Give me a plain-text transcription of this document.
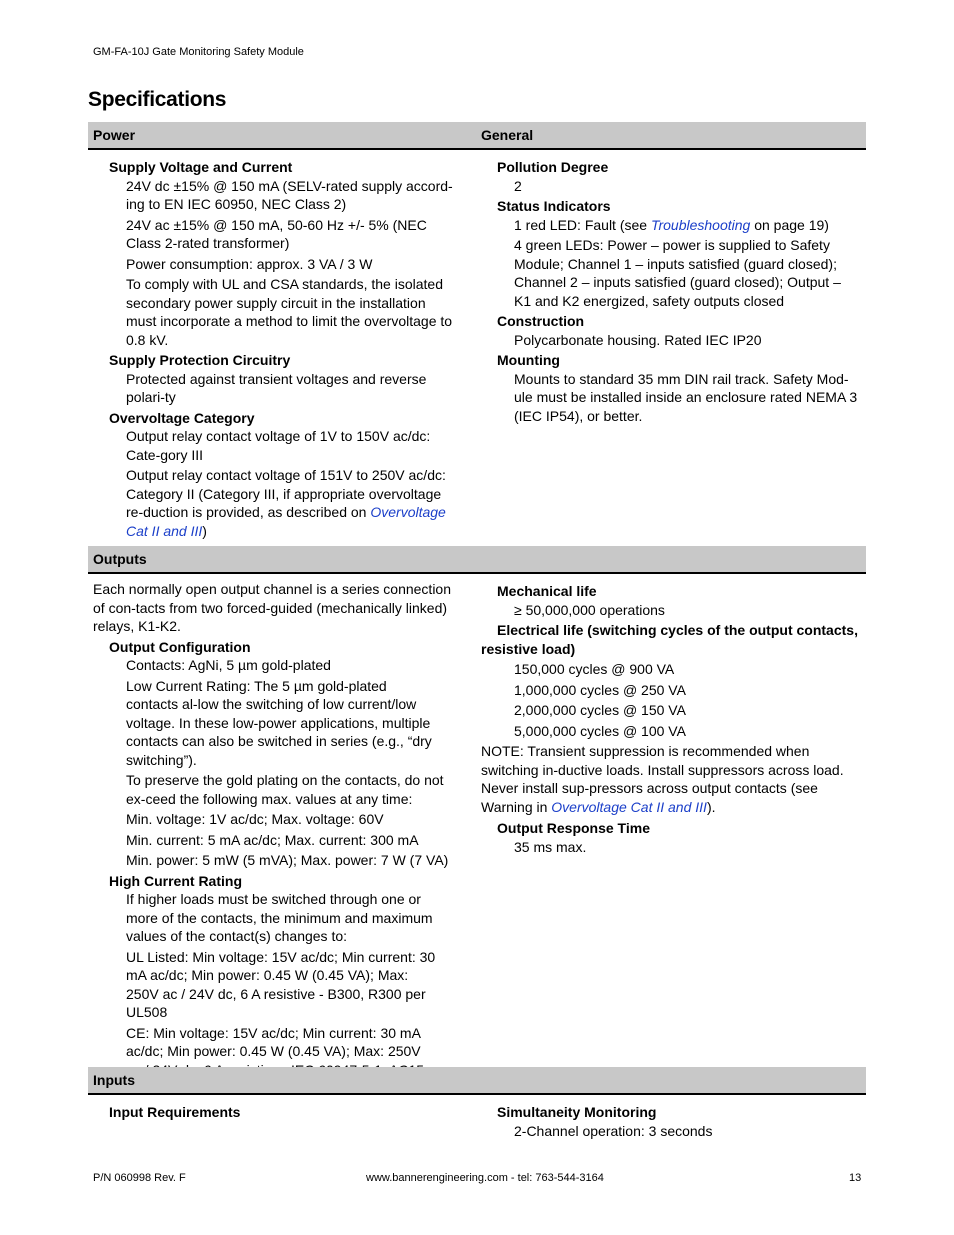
GM-FA-10J Gate Monitoring Safety Module
Specifications
Power	General
Supply Voltage and Current
24V dc ±15% @ 150 mA (SELV-rated supply accord-ing to EN IEC 60950, NEC Class 2)
24V ac ±15% @ 150 mA, 50-60 Hz +/- 5% (NEC Class 2-rated transformer)
Power consumption: approx. 3 VA / 3 W
To comply with UL and CSA standards, the isolated secondary power supply circuit in the installation must incorporate a method to limit the overvoltage to 0.8 kV.
Supply Protection Circuitry
Protected against transient voltages and reverse polari-ty
Overvoltage Category
Output relay contact voltage of 1V to 150V ac/dc: Cate-gory III
Output relay contact voltage of 151V to 250V ac/dc: Category II (Category III, if appropriate overvoltage re-duction is provided, as described on Overvoltage Cat II and III)
Pollution Degree
2
Status Indicators
1 red LED: Fault (see Troubleshooting on page 19)
4 green LEDs: Power – power is supplied to Safety Module; Channel 1 – inputs satisfied (guard closed); Channel 2 – inputs satisfied (guard closed); Output – K1 and K2 energized, safety outputs closed
Construction
Polycarbonate housing. Rated IEC IP20
Mounting
Mounts to standard 35 mm DIN rail track. Safety Mod-ule must be installed inside an enclosure rated NEMA 3 (IEC IP54), or better.
Outputs
Each normally open output channel is a series connection of con-tacts from two forced-guided (mechanically linked) relays, K1-K2.
Output Configuration
Contacts: AgNi, 5 µm gold-plated
Low Current Rating: The 5 µm gold-plated contacts al-low the switching of low current/low voltage. In these low-power applications, multiple contacts can also be switched in series (e.g., “dry switching”).
To preserve the gold plating on the contacts, do not ex-ceed the following max. values at any time:
Min. voltage: 1V ac/dc; Max. voltage: 60V
Min. current: 5 mA ac/dc; Max. current: 300 mA
Min. power: 5 mW (5 mVA); Max. power: 7 W (7 VA)
High Current Rating
If higher loads must be switched through one or more of the contacts, the minimum and maximum values of the contact(s) changes to:
UL Listed: Min voltage: 15V ac/dc; Min current: 30 mA ac/dc; Min power: 0.45 W (0.45 VA); Max: 250V ac / 24V dc, 6 A resistive - B300, R300 per UL508
CE: Min voltage: 15V ac/dc; Min current: 30 mA ac/dc; Min power: 0.45 W (0.45 VA); Max: 250V
Mechanical life
≥ 50,000,000 operations
Electrical life (switching cycles of the output contacts, resistive load)
150,000 cycles @ 900 VA
1,000,000 cycles @ 250 VA
2,000,000 cycles @ 150 VA
5,000,000 cycles @ 100 VA
NOTE: Transient suppression is recommended when switching in-ductive loads. Install suppressors across load. Never install sup-pressors across output contacts (see Warning in Overvoltage Cat II and III).
Output Response Time
35 ms max.
Inputs
Input Requirements	Simultaneity Monitoring
2-Channel operation: 3 seconds
P/N 060998 Rev. F	www.bannerengineering.com - tel: 763-544-3164	13
